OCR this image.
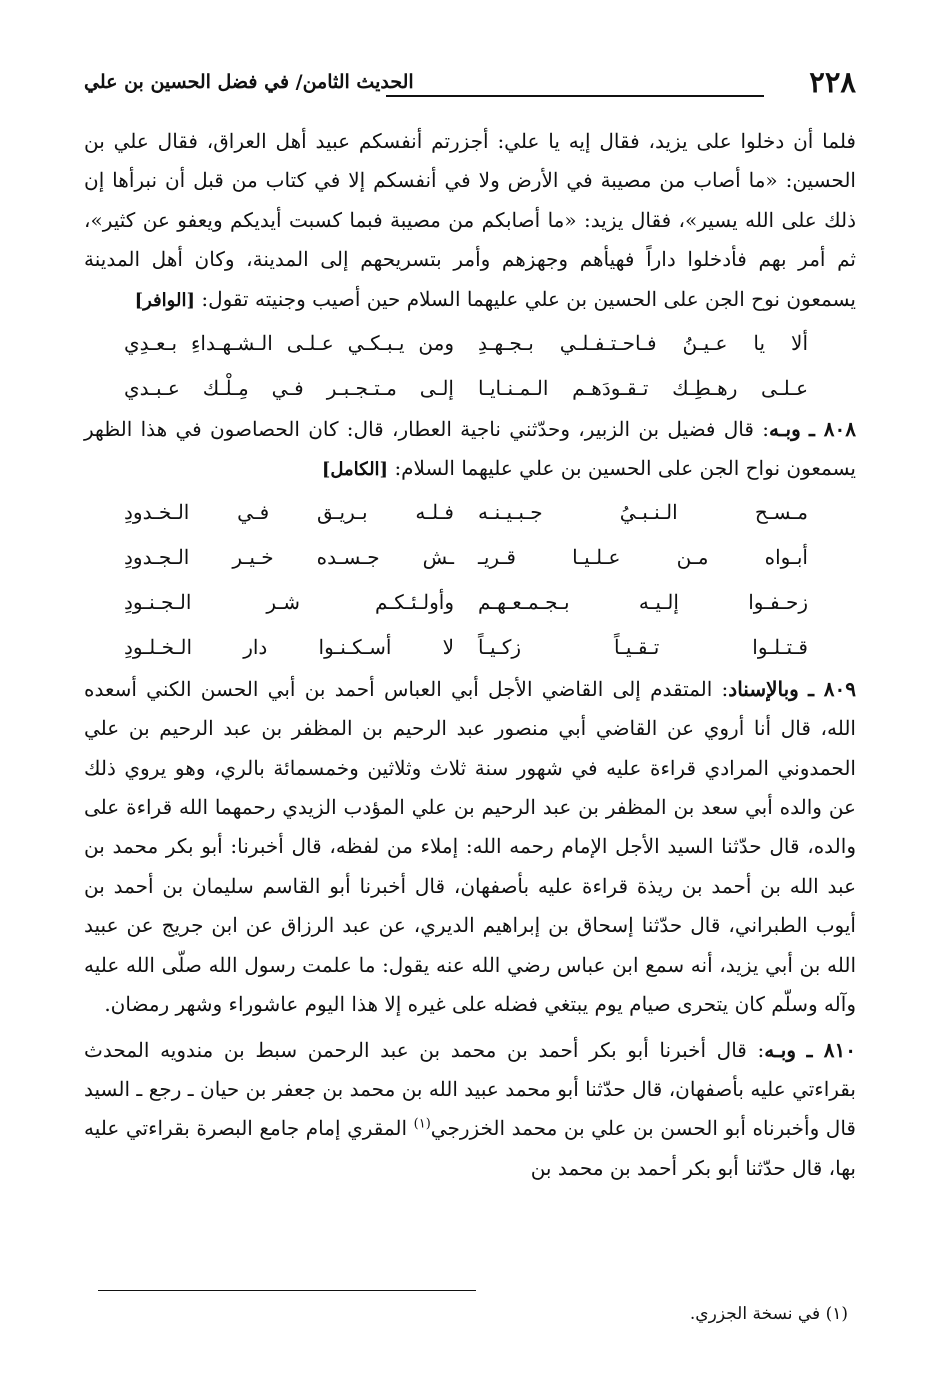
٢٢٨
الحديث الثامن/ في فضل الحسين بن علي

فلما أن دخلوا على يزيد، فقال إيه يا علي: أجزرتم أنفسكم عبيد أهل العراق، فقال علي بن الحسين: «ما أصاب من مصيبة في الأرض ولا في أنفسكم إلا في كتاب من قبل أن نبرأها إن ذلك على الله يسير»، فقال يزيد: «ما أصابكم من مصيبة فبما كسبت أيديكم ويعفو عن كثير»، ثم أمر بهم فأدخلوا داراً فهيأهم وجهزهم وأمر بتسريحهم إلى المدينة، وكان أهل المدينة يسمعون نوح الجن على الحسين بن علي عليهما السلام حين أصيب وجنيته تقول: [الوافر]

ألا يا عـيـنُ فـاحـتـفـلـي بـجـهـدِ
ومن يـبـكـي عـلـى الـشـهـداءِ بـعـدِي
عـلـى رهـطِـك تـقـودَهـم الـمـنـايـا
إلـى مـتـجـبـر فـي مِـلْـك عـبـدي

٨٠٨ ـ وبـه: قال فضيل بن الزبير، وحدّثني ناجية العطار، قال: كان الحصاصون في هذا الظهر يسمعون نواح الجن على الحسين بن علي عليهما السلام: [الكامل]

مـسـح الـنـبـيُ جـبـيـنـه
فـلـه بـريـق فـي الـخـدودِ
أبـواه مـن عـلـيـا قـريـ
ـش جـسـده خـيـر الـجـدودِ
زحـفـوا إلـيـه بـجـمـعـهـم
وأولـئـكـم شـر الـجـنـودِ
قـتـلـوا تـقـيـاً زكـيـاً
لا أسـكـنـوا دار الـخـلـودِ

٨٠٩ ـ وبالإسناد: المتقدم إلى القاضي الأجل أبي العباس أحمد بن أبي الحسن الكني أسعده الله، قال أنا أروي عن القاضي أبي منصور عبد الرحيم بن المظفر بن عبد الرحيم بن علي الحمدوني المرادي قراءة عليه في شهور سنة ثلاث وثلاثين وخمسمائة بالري، وهو يروي ذلك عن والده أبي سعد بن المظفر بن عبد الرحيم بن علي المؤدب الزيدي رحمهما الله قراءة على والده، قال حدّثنا السيد الأجل الإمام رحمه الله: إملاء من لفظه، قال أخبرنا: أبو بكر محمد بن عبد الله بن أحمد بن ريذة قراءة عليه بأصفهان، قال أخبرنا أبو القاسم سليمان بن أحمد بن أيوب الطبراني، قال حدّثنا إسحاق بن إبراهيم الديري، عن عبد الرزاق عن ابن جريج عن عبيد الله بن أبي يزيد، أنه سمع ابن عباس رضي الله عنه يقول: ما علمت رسول الله صلّى الله عليه وآله وسلّم كان يتحرى صيام يوم يبتغي فضله على غيره إلا هذا اليوم عاشوراء وشهر رمضان.

٨١٠ ـ وبـه: قال أخبرنا أبو بكر أحمد بن محمد بن عبد الرحمن سبط بن مندويه المحدث بقراءتي عليه بأصفهان، قال حدّثنا أبو محمد عبيد الله بن محمد بن جعفر بن حيان ـ رجع ـ السيد قال وأخبرناه أبو الحسن بن علي بن محمد الخزرجي$^{(١)}$ المقري إمام جامع البصرة بقراءتي عليه بها، قال حدّثنا أبو بكر أحمد بن محمد بن

(١) في نسخة الجزري.
